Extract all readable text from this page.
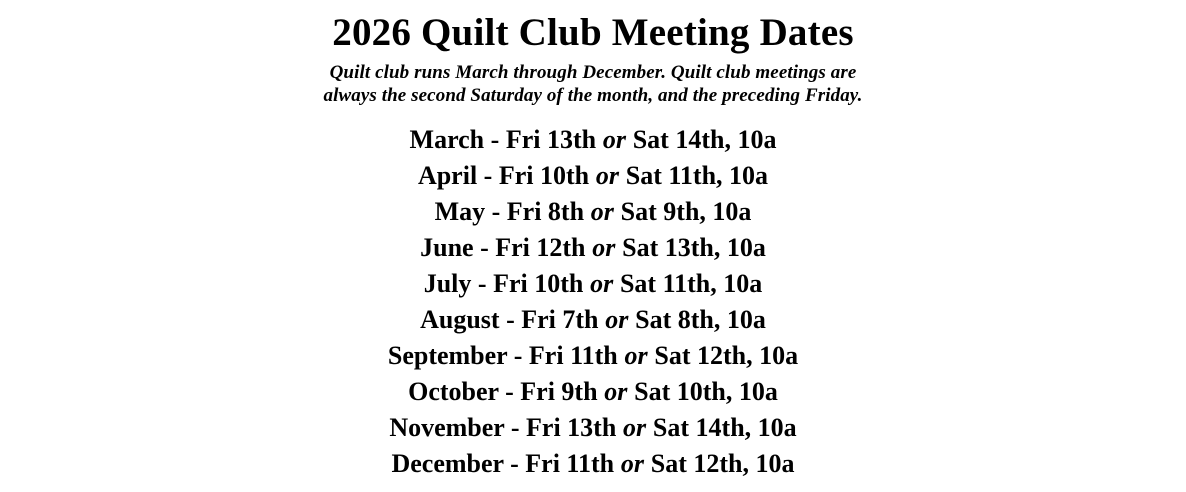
2026 Quilt Club Meeting Dates
Quilt club runs March through December. Quilt club meetings are
always the second Saturday of the month, and the preceding Friday.
March - Fri 13th or Sat 14th, 10a
April - Fri 10th or Sat 11th, 10a
May - Fri 8th or Sat 9th, 10a
June - Fri 12th or Sat 13th, 10a
July - Fri 10th or Sat 11th, 10a
August - Fri 7th or Sat 8th, 10a
September - Fri 11th or Sat 12th, 10a
October - Fri 9th or Sat 10th, 10a
November - Fri 13th or Sat 14th, 10a
December - Fri 11th or Sat 12th, 10a
